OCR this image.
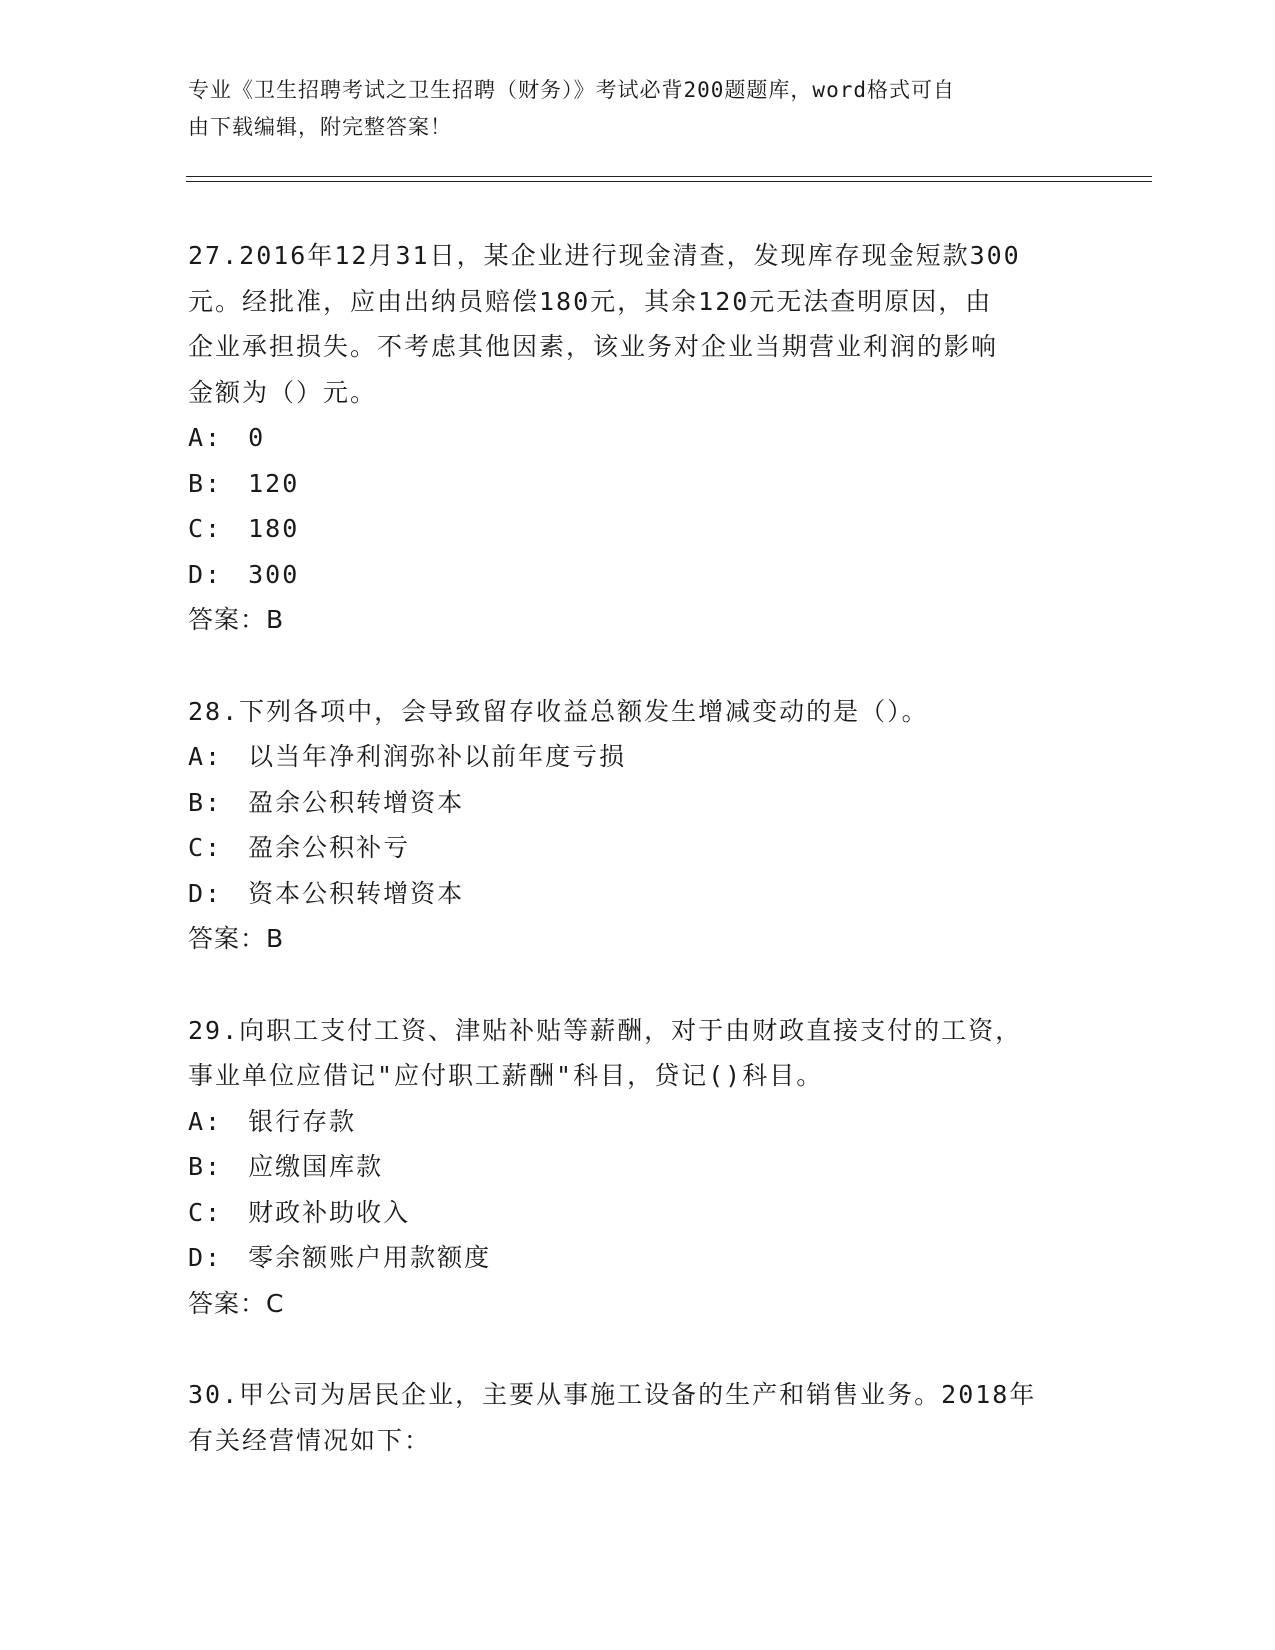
专业《卫生招聘考试之卫生招聘（财务）》考试必背200题题库，word格式可自
由下载编辑，附完整答案！

27.2016年12月31日，某企业进行现金清查，发现库存现金短款300

元。经批准，应由出纳员赔偿180元，其余120元无法查明原因，由

企业承担损失。不考虑其他因素，该业务对企业当期营业利润的影响

金额为（）元。

A: 0
B: 120
C: 180
D: 300
答案：B

28.下列各项中，会导致留存收益总额发生增减变动的是（）。

A: 以当年净利润弥补以前年度亏损
B: 盈余公积转增资本
C: 盈余公积补亏
D: 资本公积转增资本
答案：B

29.向职工支付工资、津贴补贴等薪酬，对于由财政直接支付的工资，

事业单位应借记"应付职工薪酬"科目，贷记()科目。

A: 银行存款
B: 应缴国库款
C: 财政补助收入
D: 零余额账户用款额度
答案：C

30.甲公司为居民企业，主要从事施工设备的生产和销售业务。2018年

有关经营情况如下：
